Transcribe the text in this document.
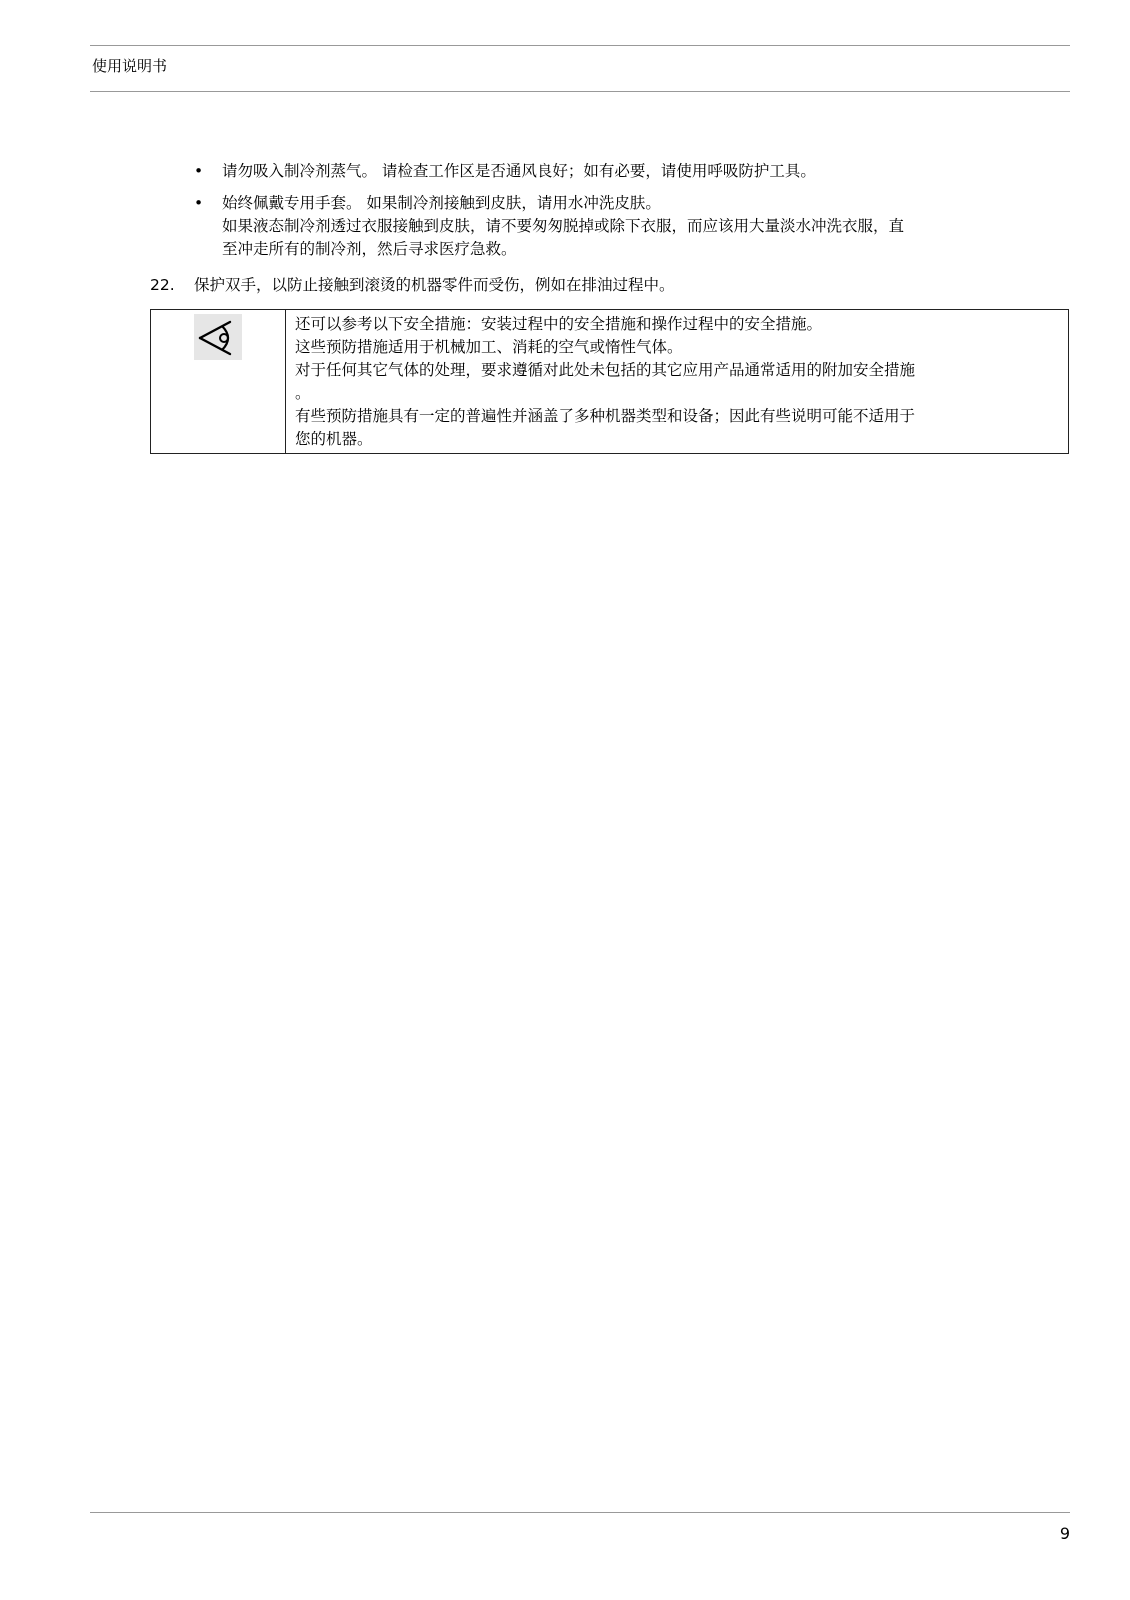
使用说明书
• 请勿吸入制冷剂蒸气。 请检查工作区是否通风良好；如有必要，请使用呼吸防护工具。
• 始终佩戴专用手套。 如果制冷剂接触到皮肤，请用水冲洗皮肤。
如果液态制冷剂透过衣服接触到皮肤，请不要匆匆脱掉或除下衣服，而应该用大量淡水冲洗衣服，直
至冲走所有的制冷剂，然后寻求医疗急救。
22. 保护双手，以防止接触到滚烫的机器零件而受伤，例如在排油过程中。
还可以参考以下安全措施：安装过程中的安全措施和操作过程中的安全措施。
这些预防措施适用于机械加工、消耗的空气或惰性气体。
对于任何其它气体的处理，要求遵循对此处未包括的其它应用产品通常适用的附加安全措施
。
有些预防措施具有一定的普遍性并涵盖了多种机器类型和设备；因此有些说明可能不适用于
您的机器。
9
